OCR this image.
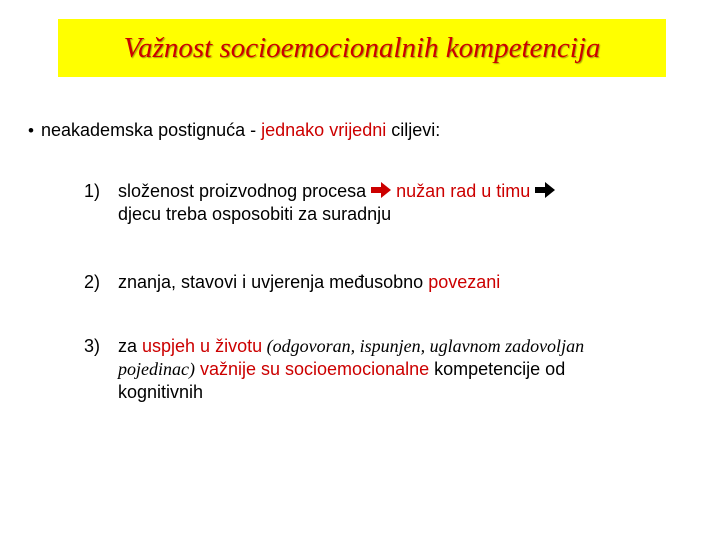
Važnost socioemocionalnih kompetencija
• neakademska postignuća - jednako vrijedni ciljevi:
1) složenost proizvodnog procesa  nužan rad u timu
djecu treba osposobiti za suradnju
2) znanja, stavovi i uvjerenja međusobno povezani
3) za uspjeh u životu (odgovoran, ispunjen, uglavnom zadovoljan
pojedinac) važnije su socioemocionalne kompetencije od
kognitivnih
